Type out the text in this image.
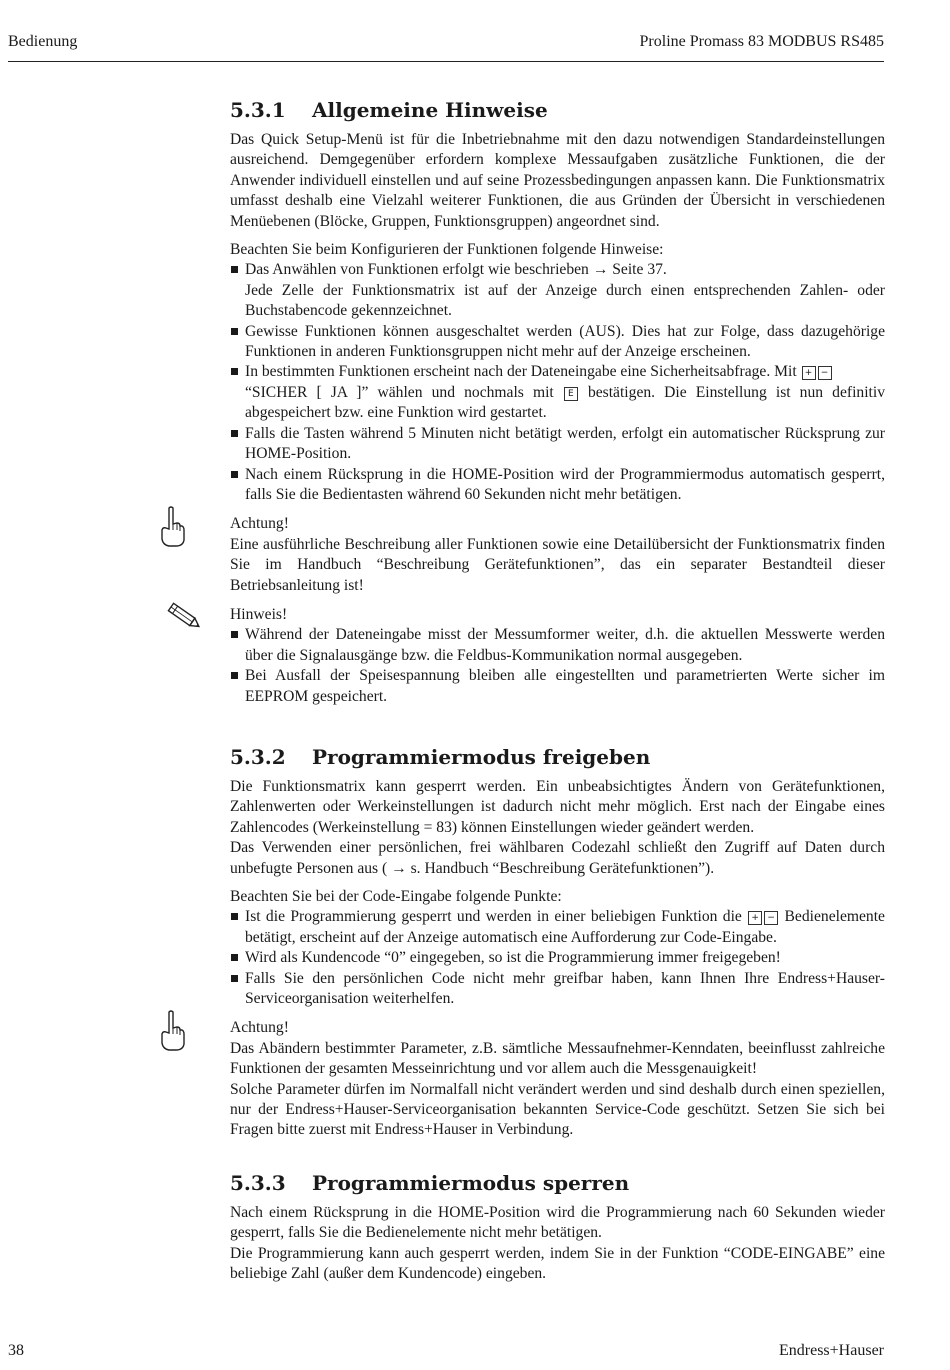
Bedienung	Proline Promass 83 MODBUS RS485
5.3.1 Allgemeine Hinweise

Das Quick Setup-Menü ist für die Inbetriebnahme mit den dazu notwendigen Standardeinstellungen ausreichend. Demgegenüber erfordern komplexe Messaufgaben zusätzliche Funktionen, die der Anwender individuell einstellen und auf seine Prozessbedingungen anpassen kann. Die Funktionsmatrix umfasst deshalb eine Vielzahl weiterer Funktionen, die aus Gründen der Übersicht in verschiedenen Menüebenen (Blöcke, Gruppen, Funktionsgruppen) angeordnet sind.

Beachten Sie beim Konfigurieren der Funktionen folgende Hinweise:

Das Anwählen von Funktionen erfolgt wie beschrieben → Seite 37.
Jede Zelle der Funktionsmatrix ist auf der Anzeige durch einen entsprechenden Zahlen- oder Buchstabencode gekennzeichnet.
Gewisse Funktionen können ausgeschaltet werden (AUS). Dies hat zur Folge, dass dazugehörige Funktionen in anderen Funktionsgruppen nicht mehr auf der Anzeige erscheinen.
In bestimmten Funktionen erscheint nach der Dateneingabe eine Sicherheitsabfrage. Mit + −
“SICHER [ JA ]” wählen und nochmals mit E bestätigen. Die Einstellung ist nun definitiv abgespeichert bzw. eine Funktion wird gestartet.
Falls die Tasten während 5 Minuten nicht betätigt werden, erfolgt ein automatischer Rücksprung zur HOME-Position.
Nach einem Rücksprung in die HOME-Position wird der Programmiermodus automatisch gesperrt, falls Sie die Bedientasten während 60 Sekunden nicht mehr betätigen.

Achtung!

Eine ausführliche Beschreibung aller Funktionen sowie eine Detailübersicht der Funktionsmatrix finden Sie im Handbuch “Beschreibung Gerätefunktionen”, das ein separater Bestandteil dieser Betriebsanleitung ist!

Hinweis!

Während der Dateneingabe misst der Messumformer weiter, d.h. die aktuellen Messwerte werden über die Signalausgänge bzw. die Feldbus-Kommunikation normal ausgegeben.
Bei Ausfall der Speisespannung bleiben alle eingestellten und parametrierten Werte sicher im EEPROM gespeichert.
5.3.2 Programmiermodus freigeben

Die Funktionsmatrix kann gesperrt werden. Ein unbeabsichtigtes Ändern von Gerätefunktionen, Zahlenwerten oder Werkeinstellungen ist dadurch nicht mehr möglich. Erst nach der Eingabe eines Zahlencodes (Werkeinstellung = 83) können Einstellungen wieder geändert werden.

Das Verwenden einer persönlichen, frei wählbaren Codezahl schließt den Zugriff auf Daten durch unbefugte Personen aus ( → s. Handbuch “Beschreibung Gerätefunktionen”).

Beachten Sie bei der Code-Eingabe folgende Punkte:

Ist die Programmierung gesperrt und werden in einer beliebigen Funktion die + − Bedienelemente betätigt, erscheint auf der Anzeige automatisch eine Aufforderung zur Code-Eingabe.
Wird als Kundencode “0” eingegeben, so ist die Programmierung immer freigegeben!
Falls Sie den persönlichen Code nicht mehr greifbar haben, kann Ihnen Ihre Endress+Hauser-Serviceorganisation weiterhelfen.

Achtung!

Das Abändern bestimmter Parameter, z.B. sämtliche Messaufnehmer-Kenndaten, beeinflusst zahlreiche Funktionen der gesamten Messeinrichtung und vor allem auch die Messgenauigkeit!

Solche Parameter dürfen im Normalfall nicht verändert werden und sind deshalb durch einen speziellen, nur der Endress+Hauser-Serviceorganisation bekannten Service-Code geschützt. Setzen Sie sich bei Fragen bitte zuerst mit Endress+Hauser in Verbindung.

5.3.3 Programmiermodus sperren

Nach einem Rücksprung in die HOME-Position wird die Programmierung nach 60 Sekunden wieder gesperrt, falls Sie die Bedienelemente nicht mehr betätigen.

Die Programmierung kann auch gesperrt werden, indem Sie in der Funktion “CODE-EINGABE” eine beliebige Zahl (außer dem Kundencode) eingeben.

38	Endress+Hauser
